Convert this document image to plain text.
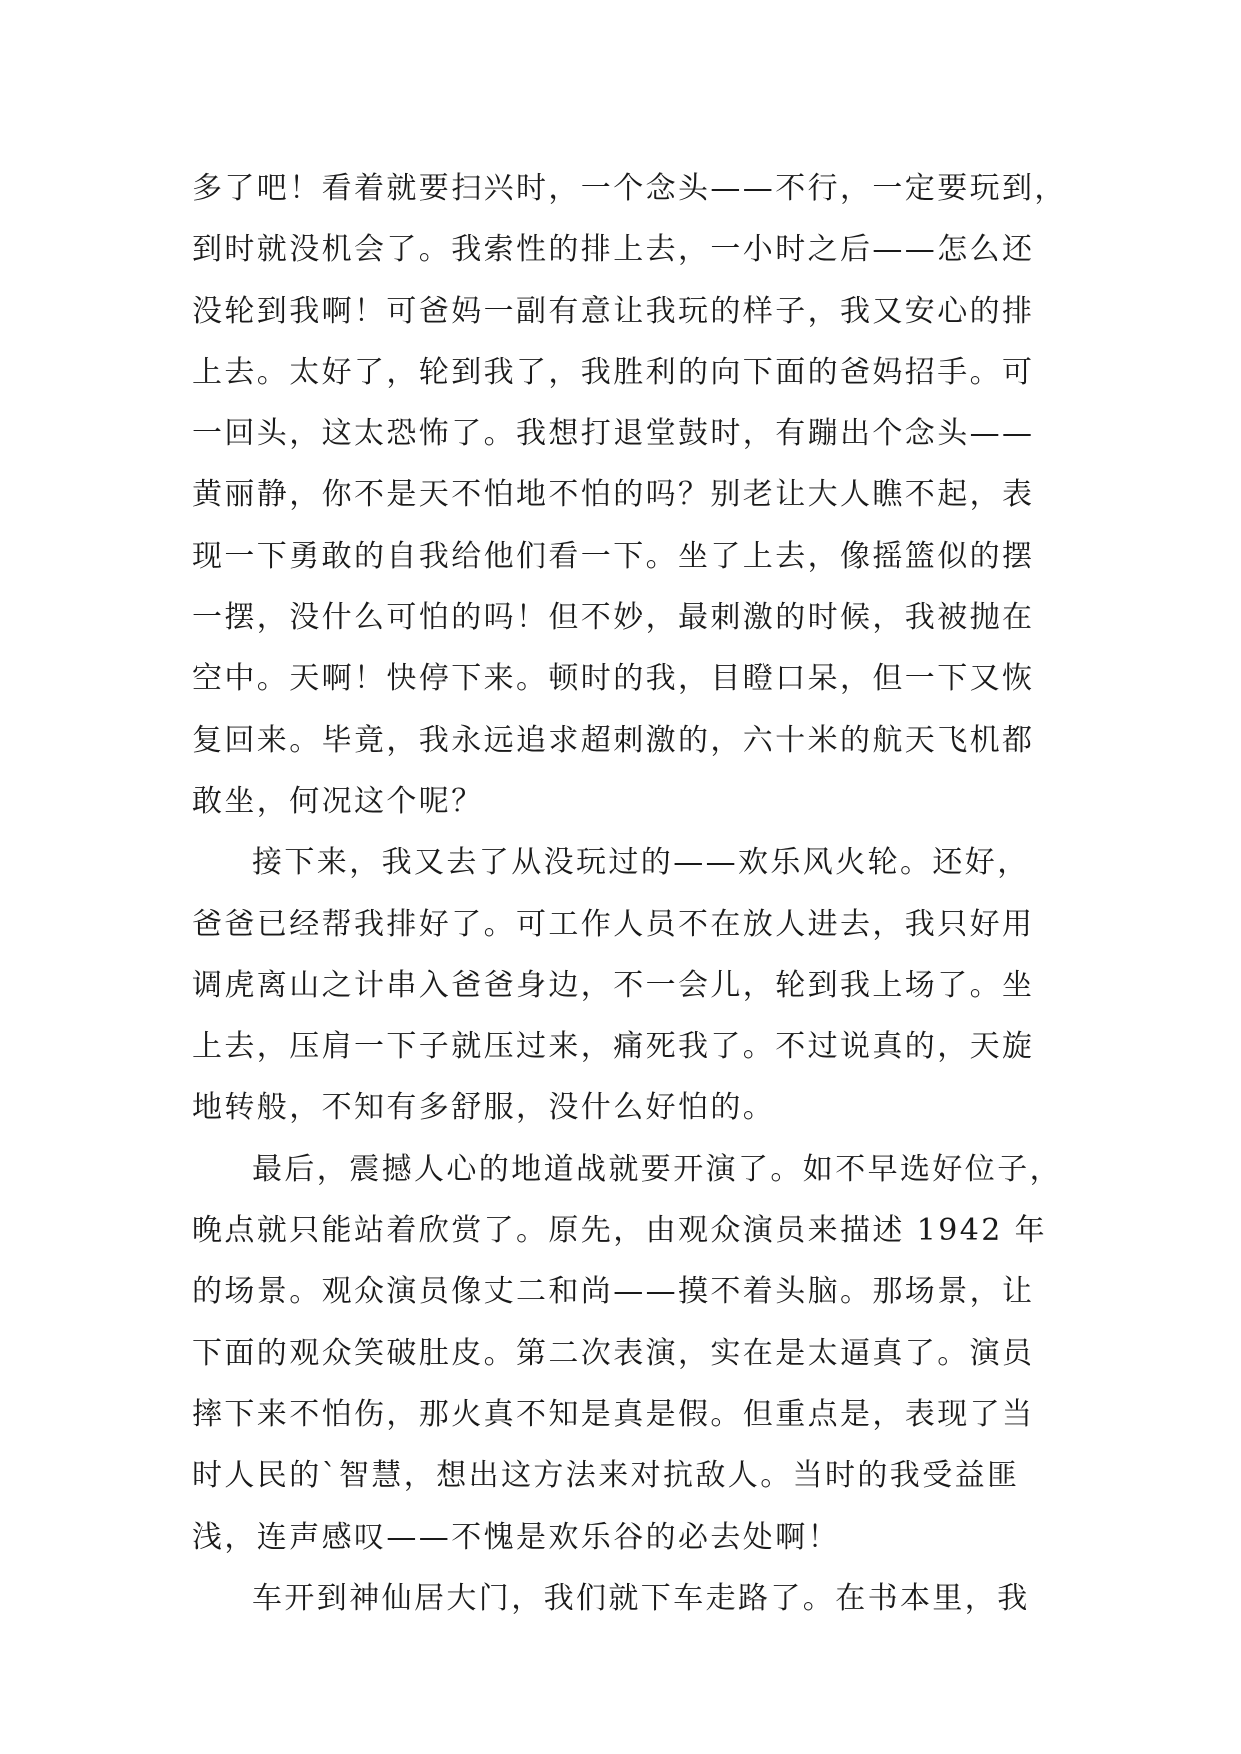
多了吧！看着就要扫兴时，一个念头——不行，一定要玩到，
到时就没机会了。我索性的排上去，一小时之后——怎么还
没轮到我啊！可爸妈一副有意让我玩的样子，我又安心的排
上去。太好了，轮到我了，我胜利的向下面的爸妈招手。可
一回头，这太恐怖了。我想打退堂鼓时，有蹦出个念头——
黄丽静，你不是天不怕地不怕的吗？别老让大人瞧不起，表
现一下勇敢的自我给他们看一下。坐了上去，像摇篮似的摆
一摆，没什么可怕的吗！但不妙，最刺激的时候，我被抛在
空中。天啊！快停下来。顿时的我，目瞪口呆，但一下又恢
复回来。毕竟，我永远追求超刺激的，六十米的航天飞机都
敢坐，何况这个呢？
接下来，我又去了从没玩过的——欢乐风火轮。还好，
爸爸已经帮我排好了。可工作人员不在放人进去，我只好用
调虎离山之计串入爸爸身边，不一会儿，轮到我上场了。坐
上去，压肩一下子就压过来，痛死我了。不过说真的，天旋
地转般，不知有多舒服，没什么好怕的。
最后，震撼人心的地道战就要开演了。如不早选好位子，
晚点就只能站着欣赏了。原先，由观众演员来描述 1942 年
的场景。观众演员像丈二和尚——摸不着头脑。那场景，让
下面的观众笑破肚皮。第二次表演，实在是太逼真了。演员
摔下来不怕伤，那火真不知是真是假。但重点是，表现了当
时人民的`智慧，想出这方法来对抗敌人。当时的我受益匪
浅，连声感叹——不愧是欢乐谷的必去处啊！
车开到神仙居大门，我们就下车走路了。在书本里，我
